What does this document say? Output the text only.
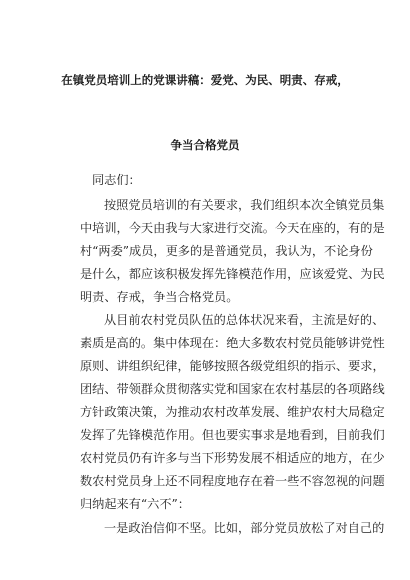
在镇党员培训上的党课讲稿：爱党、为民、明责、存戒，
争当合格党员
同志们：
按照党员培训的有关要求，我们组织本次全镇党员集
中培训，今天由我与大家进行交流。今天在座的，有的是
村“两委”成员，更多的是普通党员，我认为，不论身份
是什么，都应该积极发挥先锋模范作用，应该爱党、为民
明责、存戒，争当合格党员。
从目前农村党员队伍的总体状况来看，主流是好的、
素质是高的。集中体现在：绝大多数农村党员能够讲党性
原则、讲组织纪律，能够按照各级党组织的指示、要求，
团结、带领群众贯彻落实党和国家在农村基层的各项路线
方针政策决策，为推动农村改革发展、维护农村大局稳定
发挥了先锋模范作用。但也要实事求是地看到，目前我们
农村党员仍有许多与当下形势发展不相适应的地方，在少
数农村党员身上还不同程度地存在着一些不容忽视的问题
归纳起来有“六不”：
一是政治信仰不坚。比如，部分党员放松了对自己的
